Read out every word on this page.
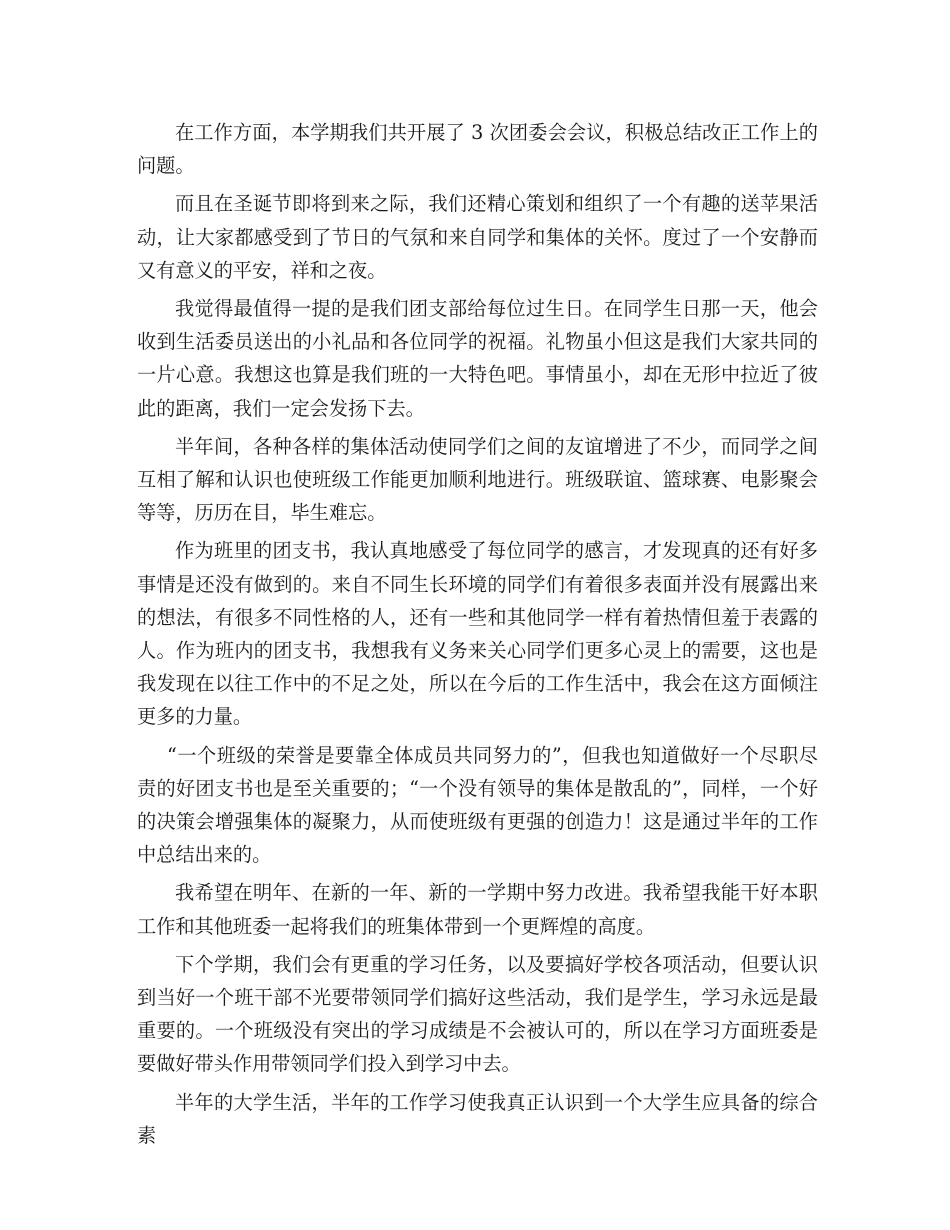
在工作方面，本学期我们共开展了 3 次团委会会议，积极总结改正工作上的问题。

而且在圣诞节即将到来之际，我们还精心策划和组织了一个有趣的送苹果活动，让大家都感受到了节日的气氛和来自同学和集体的关怀。度过了一个安静而又有意义的平安，祥和之夜。

我觉得最值得一提的是我们团支部给每位过生日。在同学生日那一天，他会收到生活委员送出的小礼品和各位同学的祝福。礼物虽小但这是我们大家共同的一片心意。我想这也算是我们班的一大特色吧。事情虽小，却在无形中拉近了彼此的距离，我们一定会发扬下去。

半年间，各种各样的集体活动使同学们之间的友谊增进了不少，而同学之间互相了解和认识也使班级工作能更加顺利地进行。班级联谊、篮球赛、电影聚会等等，历历在目，毕生难忘。

作为班里的团支书，我认真地感受了每位同学的感言，才发现真的还有好多事情是还没有做到的。来自不同生长环境的同学们有着很多表面并没有展露出来的想法，有很多不同性格的人，还有一些和其他同学一样有着热情但羞于表露的人。作为班内的团支书，我想我有义务来关心同学们更多心灵上的需要，这也是我发现在以往工作中的不足之处，所以在今后的工作生活中，我会在这方面倾注更多的力量。

“一个班级的荣誉是要靠全体成员共同努力的”，但我也知道做好一个尽职尽责的好团支书也是至关重要的；“一个没有领导的集体是散乱的”，同样，一个好的决策会增强集体的凝聚力，从而使班级有更强的创造力！这是通过半年的工作中总结出来的。

我希望在明年、在新的一年、新的一学期中努力改进。我希望我能干好本职工作和其他班委一起将我们的班集体带到一个更辉煌的高度。

下个学期，我们会有更重的学习任务，以及要搞好学校各项活动，但要认识到当好一个班干部不光要带领同学们搞好这些活动，我们是学生，学习永远是最重要的。一个班级没有突出的学习成绩是不会被认可的，所以在学习方面班委是要做好带头作用带领同学们投入到学习中去。

半年的大学生活，半年的工作学习使我真正认识到一个大学生应具备的综合素
